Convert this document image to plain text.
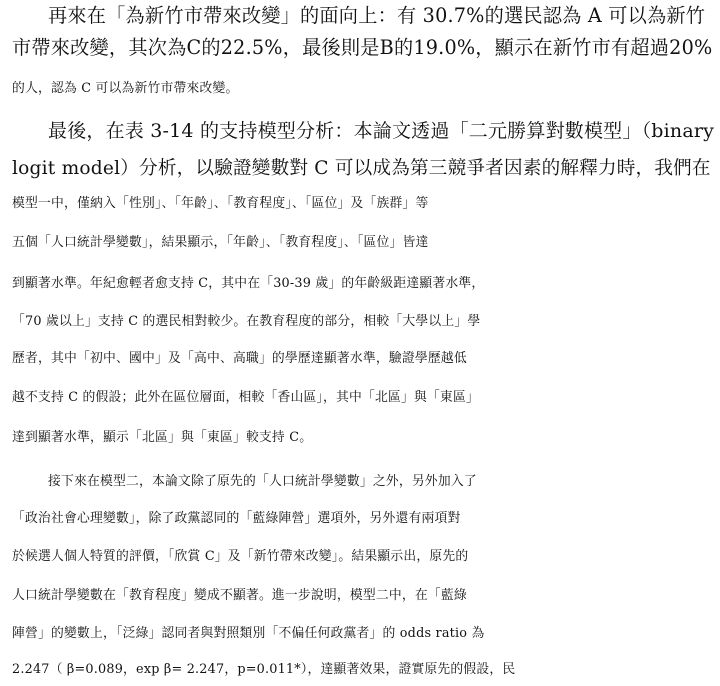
再來在「為新竹市帶來改變」的面向上：有 30.7%的選民認為 A 可以為新竹
市帶來改變，其次為C的22.5%，最後則是B的19.0%，顯示在新竹市有超過20%
的人，認為 C 可以為新竹市帶來改變。
最後，在表 3-14 的支持模型分析：本論文透過「二元勝算對數模型」（binary
logit model）分析，以驗證變數對 C 可以成為第三競爭者因素的解釋力時，我們在
模型一中，僅納入「性別」、「年齡」、「教育程度」、「區位」及「族群」等
五個「人口統計學變數」，結果顯示，「年齡」、「教育程度」、「區位」皆達
到顯著水準。年紀愈輕者愈支持 C，其中在「30-39 歲」的年齡級距達顯著水準，
「70 歲以上」支持 C 的選民相對較少。在教育程度的部分，相較「大學以上」學
歷者，其中「初中、國中」及「高中、高職」的學歷達顯著水準，驗證學歷越低
越不支持 C 的假設；此外在區位層面，相較「香山區」，其中「北區」與「東區」
達到顯著水準，顯示「北區」與「東區」較支持 C。
接下來在模型二，本論文除了原先的「人口統計學變數」之外，另外加入了
「政治社會心理變數」，除了政黨認同的「藍綠陣營」選項外，另外還有兩項對
於候選人個人特質的評價，「欣賞 C」及「新竹帶來改變」。結果顯示出，原先的
人口統計學變數在「教育程度」變成不顯著。進一步說明，模型二中，在「藍綠
陣營」的變數上，「泛綠」認同者與對照類別「不偏任何政黨者」的 odds ratio 為
2.247（ β=0.089，exp β= 2.247，p=0.011*），達顯著效果，證實原先的假設，民
